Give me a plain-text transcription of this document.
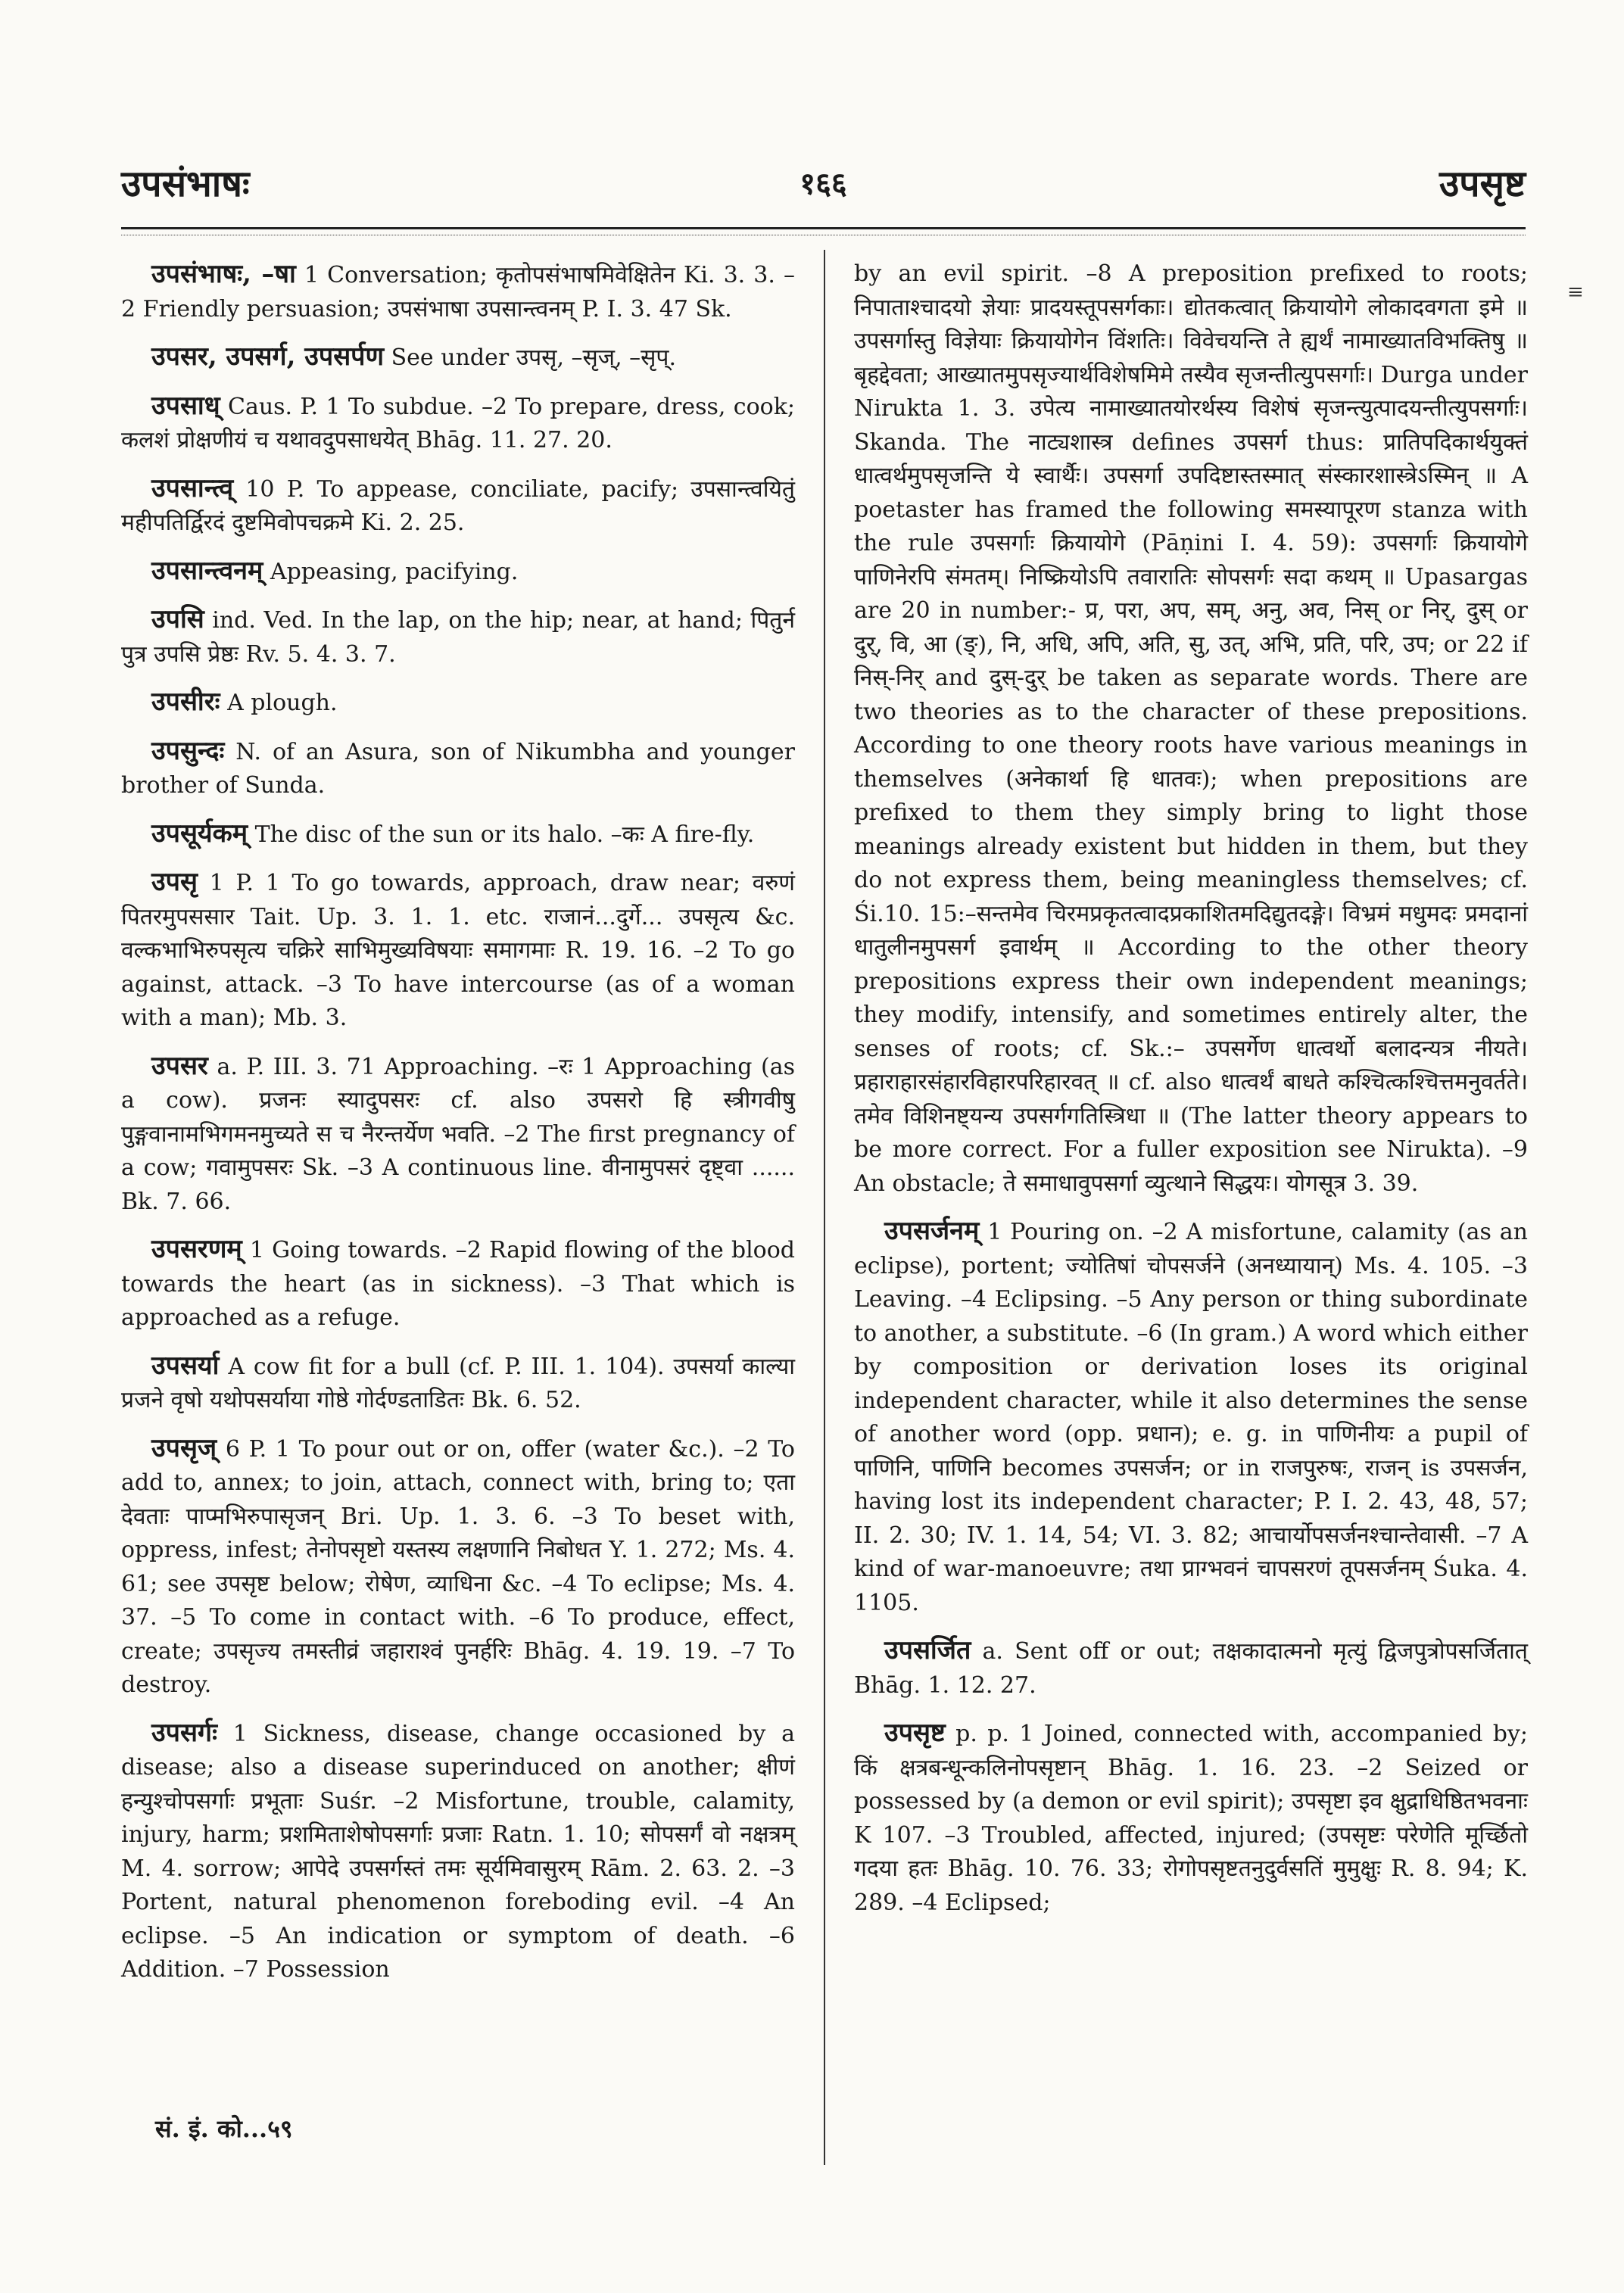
उपसंभाषः	१६६	उपसृष्ट
≡

उपसंभाषः, –षा 1 Conversation; कृतोपसंभाषमिवेक्षितेन Ki. 3. 3. –2 Friendly persuasion; उपसंभाषा उपसान्त्वनम् P. I. 3. 47 Sk.

उपसर, उपसर्ग, उपसर्पण See under उपसृ, –सृज्, –सृप्.

उपसाध् Caus. P. 1 To subdue. –2 To prepare, dress, cook; कलशं प्रोक्षणीयं च यथावदुपसाधयेत् Bhāg. 11. 27. 20.

उपसान्त्व् 10 P. To appease, conciliate, pacify; उपसान्त्वयितुं महीपतिर्द्विरदं दुष्टमिवोपचक्रमे Ki. 2. 25.

उपसान्त्वनम् Appeasing, pacifying.

उपसि ind. Ved. In the lap, on the hip; near, at hand; पितुर्न पुत्र उपसि प्रेष्ठः Rv. 5. 4. 3. 7.

उपसीरः A plough.

उपसुन्दः N. of an Asura, son of Nikumbha and younger brother of Sunda.

उपसूर्यकम् The disc of the sun or its halo. –कः A fire-fly.

उपसृ 1 P. 1 To go towards, approach, draw near; वरुणं पितरमुपससार Tait. Up. 3. 1. 1. etc. राजानं...दुर्गे... उपसृत्य &c. वल्कभाभिरुपसृत्य चक्रिरे साभिमुख्यविषयाः समागमाः R. 19. 16. –2 To go against, attack. –3 To have intercourse (as of a woman with a man); Mb. 3.

उपसर a. P. III. 3. 71 Approaching. –रः 1 Approaching (as a cow). प्रजनः स्यादुपसरः cf. also उपसरो हि स्त्रीगवीषु पुङ्गवानामभिगमनमुच्यते स च नैरन्तर्येण भवति. –2 The first pregnancy of a cow; गवामुपसरः Sk. –3 A continuous line. वीनामुपसरं दृष्ट्वा ...... Bk. 7. 66.

उपसरणम् 1 Going towards. –2 Rapid flowing of the blood towards the heart (as in sickness). –3 That which is approached as a refuge.

उपसर्या A cow fit for a bull (cf. P. III. 1. 104). उपसर्या काल्या प्रजने वृषो यथोपसर्याया गोष्ठे गोर्दण्डताडितः Bk. 6. 52.

उपसृज् 6 P. 1 To pour out or on, offer (water &c.). –2 To add to, annex; to join, attach, connect with, bring to; एता देवताः पाप्मभिरुपासृजन् Bri. Up. 1. 3. 6. –3 To beset with, oppress, infest; तेनोपसृष्टो यस्तस्य लक्षणानि निबोधत Y. 1. 272; Ms. 4. 61; see उपसृष्ट below; रोषेण, व्याधिना &c. –4 To eclipse; Ms. 4. 37. –5 To come in contact with. –6 To produce, effect, create; उपसृज्य तमस्तीव्रं जहाराश्वं पुनर्हरिः Bhāg. 4. 19. 19. –7 To destroy.

उपसर्गः 1 Sickness, disease, change occasioned by a disease; also a disease superinduced on another; क्षीणं हन्युश्चोपसर्गाः प्रभूताः Suśr. –2 Misfortune, trouble, calamity, injury, harm; प्रशमिताशेषोपसर्गाः प्रजाः Ratn. 1. 10; सोपसर्गं वो नक्षत्रम् M. 4. sorrow; आपेदे उपसर्गस्तं तमः सूर्यमिवासुरम् Rām. 2. 63. 2. –3 Portent, natural phenomenon foreboding evil. –4 An eclipse. –5 An indication or symptom of death. –6 Addition. –7 Possession

by an evil spirit. –8 A preposition prefixed to roots; निपाताश्चादयो ज्ञेयाः प्रादयस्तूपसर्गकाः। द्योतकत्वात् क्रियायोगे लोकादवगता इमे ॥ उपसर्गास्तु विज्ञेयाः क्रियायोगेन विंशतिः। विवेचयन्ति ते ह्यर्थं नामाख्यातविभक्तिषु ॥ बृहद्देवता; आख्यातमुपसृज्यार्थविशेषमिमे तस्यैव सृजन्तीत्युपसर्गाः। Durga under Nirukta 1. 3. उपेत्य नामाख्यातयोरर्थस्य विशेषं सृजन्त्युत्पादयन्तीत्युपसर्गाः। Skanda. The नाट्यशास्त्र defines उपसर्ग thus: प्रातिपदिकार्थयुक्तं धात्वर्थमुपसृजन्ति ये स्वार्थैः। उपसर्गा उपदिष्टास्तस्मात् संस्कारशास्त्रेऽस्मिन् ॥ A poetaster has framed the following समस्यापूरण stanza with the rule उपसर्गाः क्रियायोगे (Pāṇini I. 4. 59): उपसर्गाः क्रियायोगे पाणिनेरपि संमतम्। निष्क्रियोऽपि तवारातिः सोपसर्गः सदा कथम् ॥ Upasargas are 20 in number:- प्र, परा, अप, सम्, अनु, अव, निस् or निर्, दुस् or दुर्, वि, आ (ङ्), नि, अधि, अपि, अति, सु, उत्, अभि, प्रति, परि, उप; or 22 if निस्-निर् and दुस्-दुर् be taken as separate words. There are two theories as to the character of these prepositions. According to one theory roots have various meanings in themselves (अनेकार्था हि धातवः); when prepositions are prefixed to them they simply bring to light those meanings already existent but hidden in them, but they do not express them, being meaningless themselves; cf. Śi.10. 15:–सन्तमेव चिरमप्रकृतत्वादप्रकाशितमदिद्युतदङ्गे। विभ्रमं मधुमदः प्रमदानां धातुलीनमुपसर्ग इवार्थम् ॥ According to the other theory prepositions express their own independent meanings; they modify, intensify, and sometimes entirely alter, the senses of roots; cf. Sk.:– उपसर्गेण धात्वर्थो बलादन्यत्र नीयते। प्रहाराहारसंहारविहारपरिहारवत् ॥ cf. also धात्वर्थं बाधते कश्चित्कश्चित्तमनुवर्तते। तमेव विशिनष्ट्यन्य उपसर्गगतिस्त्रिधा ॥ (The latter theory appears to be more correct. For a fuller exposition see Nirukta). –9 An obstacle; ते समाधावुपसर्गा व्युत्थाने सिद्धयः। योगसूत्र 3. 39.

उपसर्जनम् 1 Pouring on. –2 A misfortune, calamity (as an eclipse), portent; ज्योतिषां चोपसर्जने (अनध्यायान्) Ms. 4. 105. –3 Leaving. –4 Eclipsing. –5 Any person or thing subordinate to another, a substitute. –6 (In gram.) A word which either by composition or derivation loses its original independent character, while it also determines the sense of another word (opp. प्रधान); e. g. in पाणिनीयः a pupil of पाणिनि, पाणिनि becomes उपसर्जन; or in राजपुरुषः, राजन् is उपसर्जन, having lost its independent character; P. I. 2. 43, 48, 57; II. 2. 30; IV. 1. 14, 54; VI. 3. 82; आचार्योपसर्जनश्चान्तेवासी. –7 A kind of war-manoeuvre; तथा प्राग्भवनं चापसरणं तूपसर्जनम् Śuka. 4. 1105.

उपसर्जित a. Sent off or out; तक्षकादात्मनो मृत्युं द्विजपुत्रोपसर्जितात् Bhāg. 1. 12. 27.

उपसृष्ट p. p. 1 Joined, connected with, accompanied by; किं क्षत्रबन्धून्कलिनोपसृष्टान् Bhāg. 1. 16. 23. –2 Seized or possessed by (a demon or evil spirit); उपसृष्टा इव क्षुद्राधिष्ठितभवनाः K 107. –3 Troubled, affected, injured; (उपसृष्टः परेणेति मूर्च्छितो गदया हतः Bhāg. 10. 76. 33; रोगोपसृष्टतनुदुर्वसतिं मुमुक्षुः R. 8. 94; K. 289. –4 Eclipsed;

सं. इं. को...५९
